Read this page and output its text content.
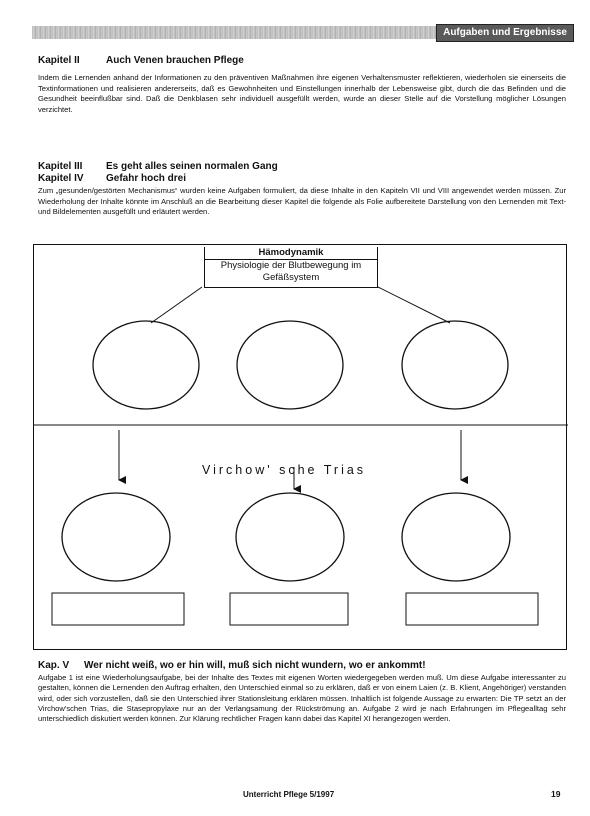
Aufgaben und Ergebnisse
Kapitel II	Auch Venen brauchen Pflege
Indem die Lernenden anhand der Informationen zu den präventiven Maßnahmen ihre eigenen Verhaltensmuster reflektieren, wiederholen sie einerseits die Textinformationen und realisieren andererseits, daß es Gewohnheiten und Einstellungen innerhalb der Lebensweise gibt, durch die das Befinden und die Gesundheit beeinflußbar sind. Daß die Denkblasen sehr individuell ausgefüllt werden, wurde an dieser Stelle auf die Vorstellung möglicher Lösungen verzichtet.
Kapitel III Es geht alles seinen normalen Gang
Kapitel IV Gefahr hoch drei
Zum „gesunden/gestörten Mechanismus“ wurden keine Aufgaben formuliert, da diese Inhalte in den Kapiteln VII und VIII angewendet werden müssen. Zur Wiederholung der Inhalte könnte im Anschluß an die Bearbeitung dieser Kapitel die folgende als Folie aufbereitete Darstellung von den Lernenden mit Text- und Bildelementen ausgefüllt und erläutert werden.
Hämodynamik
Physiologie der Blutbewegung im Gefäßsystem
Virchow' sche Trias
Kap. V Wer nicht weiß, wo er hin will, muß sich nicht wundern, wo er ankommt!
Aufgabe 1 ist eine Wiederholungsaufgabe, bei der Inhalte des Textes mit eigenen Worten wiedergegeben werden muß. Um diese Aufgabe interessanter zu gestalten, können die Lernenden den Auftrag erhalten, den Unterschied einmal so zu erklären, daß er von einem Laien (z. B. Klient, Angehöriger) verstanden wird, oder sich vorzustellen, daß sie den Unterschied ihrer Stationsleitung erklären müssen. Inhaltlich ist folgende Aussage zu erwarten: Die TP setzt an der Virchow'schen Trias, die Stasepropylaxe nur an der Verlangsamung der Rückströmung an. Aufgabe 2 wird je nach Erfahrungen im Pflegealltag sehr unterschiedlich diskutiert werden können. Zur Klärung rechtlicher Fragen kann dabei das Kapitel XI herangezogen werden.
Unterricht Pflege 5/1997	19
